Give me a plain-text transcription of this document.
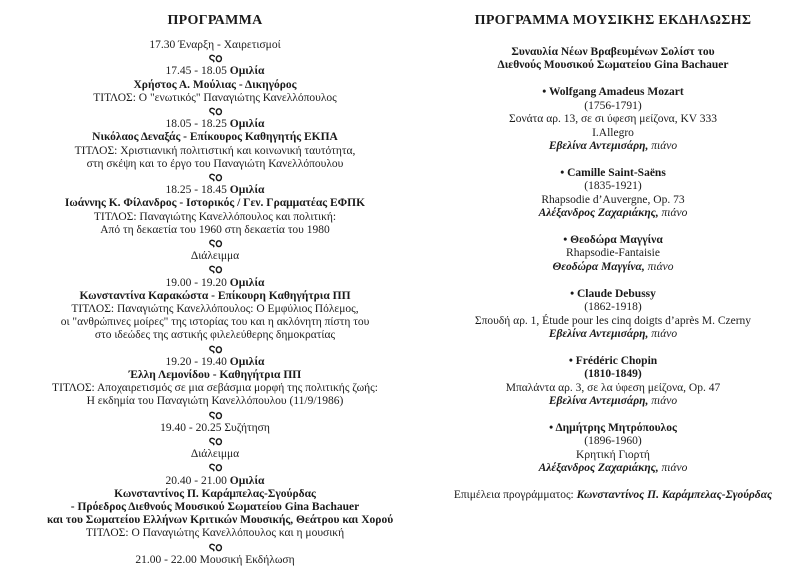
ΠΡΟΓΡΑΜΜΑ
17.30 Έναρξη - Χαιρετισμοί
17.45 - 18.05 Ομιλία
Χρήστος Α. Μούλιας - Δικηγόρος
ΤΙΤΛΟΣ: Ο "ενωτικός" Παναγιώτης Κανελλόπουλος
18.05 - 18.25 Ομιλία
Νικόλαος Δεναξάς - Επίκουρος Καθηγητής ΕΚΠΑ
ΤΙΤΛΟΣ: Χριστιανική πολιτιστική και κοινωνική ταυτότητα,
στη σκέψη και το έργο του Παναγιώτη Κανελλόπουλου
18.25 - 18.45 Ομιλία
Ιωάννης Κ. Φίλανδρος - Ιστορικός / Γεν. Γραμματέας ΕΦΠΚ
ΤΙΤΛΟΣ: Παναγιώτης Κανελλόπουλος και πολιτική:
Από τη δεκαετία του 1960 στη δεκαετία του 1980
Διάλειμμα
19.00 - 19.20 Ομιλία
Κωνσταντίνα Καρακώστα - Επίκουρη Καθηγήτρια ΠΠ
ΤΙΤΛΟΣ: Παναγιώτης Κανελλόπουλος: Ο Εμφύλιος Πόλεμος,
οι "ανθρώπινες μοίρες" της ιστορίας του και η ακλόνητη πίστη του
στο ιδεώδες της αστικής φιλελεύθερης δημοκρατίας
19.20 - 19.40 Ομιλία
Έλλη Λεμονίδου - Καθηγήτρια ΠΠ
ΤΙΤΛΟΣ: Αποχαιρετισμός σε μια σεβάσμια μορφή της πολιτικής ζωής:
Η εκδημία του Παναγιώτη Κανελλόπουλου (11/9/1986)
19.40 - 20.25 Συζήτηση
Διάλειμμα
20.40 - 21.00 Ομιλία
Κωνσταντίνος Π. Καράμπελας-Σγούρδας
- Πρόεδρος Διεθνούς Μουσικού Σωματείου Gina Bachauer
και του Σωματείου Ελλήνων Κριτικών Μουσικής, Θεάτρου και Χορού
ΤΙΤΛΟΣ: Ο Παναγιώτης Κανελλόπουλος και η μουσική
21.00 - 22.00 Μουσική Εκδήλωση
ΠΡΟΓΡΑΜΜΑ ΜΟΥΣΙΚΗΣ ΕΚΔΗΛΩΣΗΣ
Συναυλία Νέων Βραβευμένων Σολίστ του
Διεθνούς Μουσικού Σωματείου Gina Bachauer
• Wolfgang Amadeus Mozart
(1756-1791)
Σονάτα αρ. 13, σε σι ύφεση μείζονα, KV 333
I.Allegro
Εβελίνα Αντεμισάρη, πιάνο
• Camille Saint-Saëns
(1835-1921)
Rhapsodie d’Auvergne, Op. 73
Αλέξανδρος Ζαχαριάκης, πιάνο
• Θεοδώρα Μαγγίνα
Rhapsodie-Fantaisie
Θεοδώρα Μαγγίνα, πιάνο
• Claude Debussy
(1862-1918)
Σπουδή αρ. 1, Étude pour les cinq doigts d’après M. Czerny
Εβελίνα Αντεμισάρη, πιάνο
• Frédéric Chopin
(1810-1849)
Μπαλάντα αρ. 3, σε λα ύφεση μείζονα, Op. 47
Εβελίνα Αντεμισάρη, πιάνο
• Δημήτρης Μητρόπουλος
(1896-1960)
Κρητική Γιορτή
Αλέξανδρος Ζαχαριάκης, πιάνο
Επιμέλεια προγράμματος: Κωνσταντίνος Π. Καράμπελας-Σγούρδας
